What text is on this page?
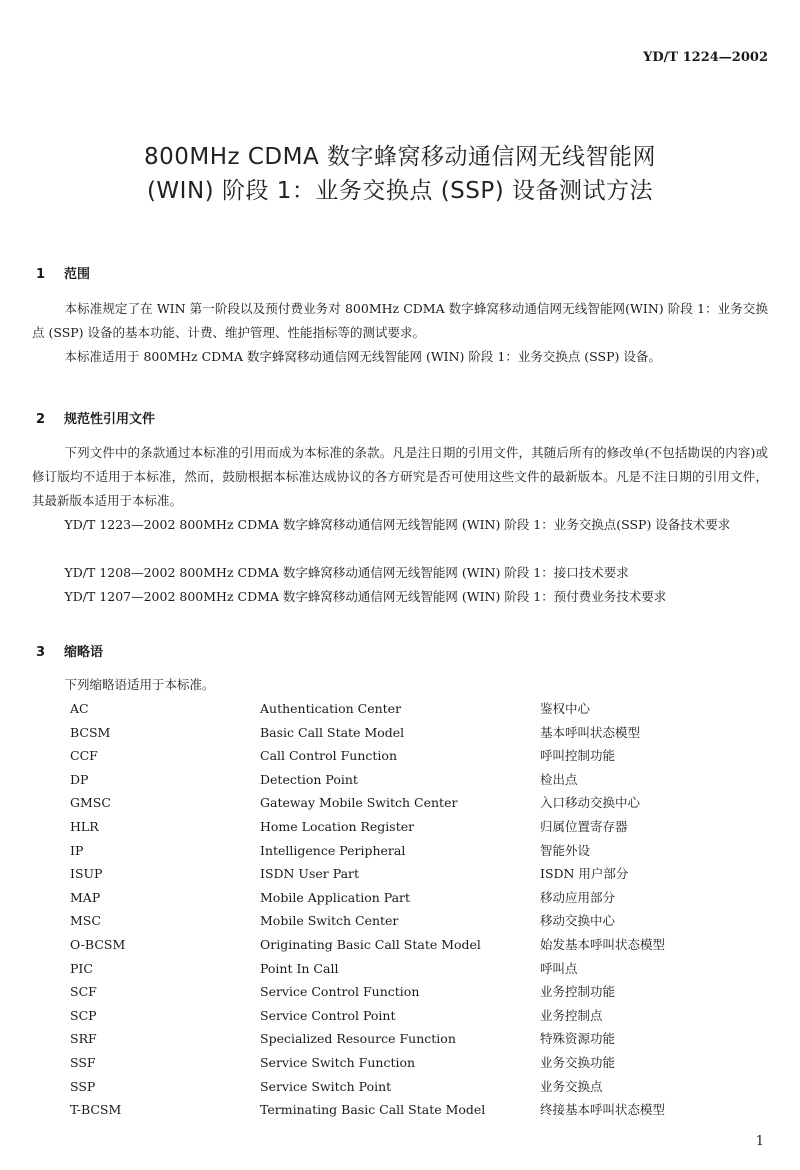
YD/T 1224—2002
800MHz CDMA 数字蜂窝移动通信网无线智能网
(WIN) 阶段 1：业务交换点 (SSP) 设备测试方法
1 范围
本标准规定了在 WIN 第一阶段以及预付费业务对 800MHz CDMA 数字蜂窝移动通信网无线智能网(WIN) 阶段 1：业务交换点 (SSP) 设备的基本功能、计费、维护管理、性能指标等的测试要求。
本标准适用于 800MHz CDMA 数字蜂窝移动通信网无线智能网 (WIN) 阶段 1：业务交换点 (SSP) 设备。
2 规范性引用文件
下列文件中的条款通过本标准的引用而成为本标准的条款。凡是注日期的引用文件，其随后所有的修改单(不包括勘误的内容)或修订版均不适用于本标准，然而，鼓励根据本标准达成协议的各方研究是否可使用这些文件的最新版本。凡是不注日期的引用文件，其最新版本适用于本标准。
YD/T 1223—2002 800MHz CDMA 数字蜂窝移动通信网无线智能网 (WIN) 阶段 1：业务交换点(SSP) 设备技术要求
YD/T 1208—2002 800MHz CDMA 数字蜂窝移动通信网无线智能网 (WIN) 阶段 1：接口技术要求
YD/T 1207—2002 800MHz CDMA 数字蜂窝移动通信网无线智能网 (WIN) 阶段 1：预付费业务技术要求
3 缩略语
下列缩略语适用于本标准。
AC	Authentication Center	鉴权中心
BCSM	Basic Call State Model	基本呼叫状态模型
CCF	Call Control Function	呼叫控制功能
DP	Detection Point	检出点
GMSC	Gateway Mobile Switch Center	入口移动交换中心
HLR	Home Location Register	归属位置寄存器
IP	Intelligence Peripheral	智能外设
ISUP	ISDN User Part	ISDN 用户部分
MAP	Mobile Application Part	移动应用部分
MSC	Mobile Switch Center	移动交换中心
O-BCSM	Originating Basic Call State Model	始发基本呼叫状态模型
PIC	Point In Call	呼叫点
SCF	Service Control Function	业务控制功能
SCP	Service Control Point	业务控制点
SRF	Specialized Resource Function	特殊资源功能
SSF	Service Switch Function	业务交换功能
SSP	Service Switch Point	业务交换点
T-BCSM	Terminating Basic Call State Model	终接基本呼叫状态模型
1
